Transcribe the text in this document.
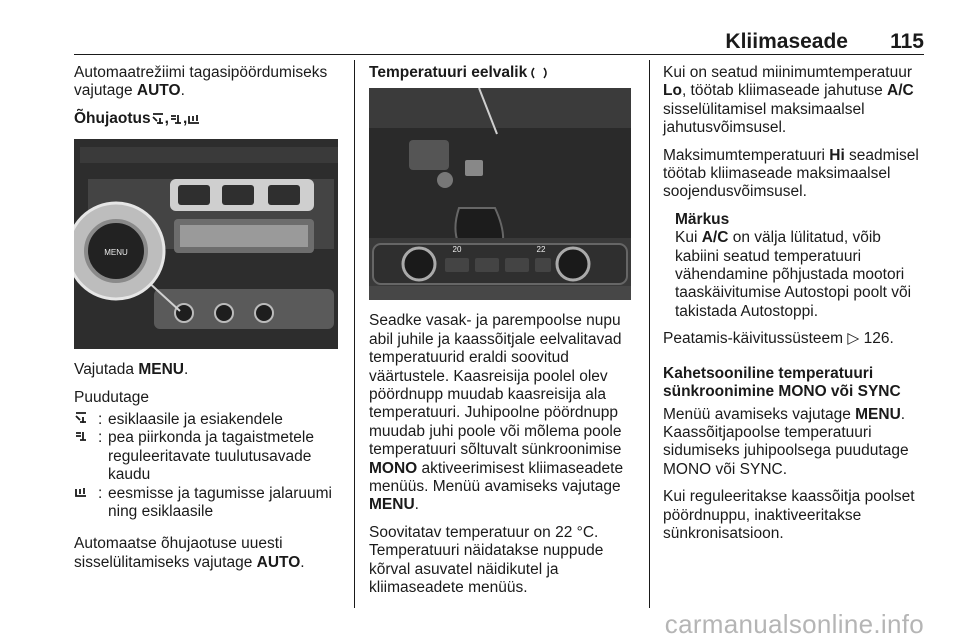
Kliimaseade 115

Automaatrežiimi tagasipöördumiseks vajutage AUTO.

Õhujaotus , ,

MENU

Vajutada MENU.

Puudutage

: esiklaasile ja esiakendele
: pea piirkonda ja tagaistmetele reguleeritavate tuulutusavade kaudu
: eesmisse ja tagumisse jalaruumi ning esiklaasile

Automaatse õhujaotuse uuesti sisselülitamiseks vajutage AUTO.

Temperatuuri eelvalik

20	22

Seadke vasak- ja parempoolse nupu abil juhile ja kaassõitjale eelvalitavad temperatuurid eraldi soovitud väärtustele. Kaasreisija poolel olev pöördnupp muudab kaasreisija ala temperatuuri. Juhipoolne pöördnupp muudab juhi poole või mõlema poole temperatuuri sõltuvalt sünkroonimise MONO aktiveerimisest kliimaseadete menüüs. Menüü avamiseks vajutage MENU.

Soovitatav temperatuur on 22 °C. Temperatuuri näidatakse nuppude kõrval asuvatel näidikutel ja kliimaseadete menüüs.

Kui on seatud miinimumtemperatuur Lo, töötab kliimaseade jahutuse A/C sisselülitamisel maksimaalsel jahutusvõimsusel.

Maksimumtemperatuuri Hi seadmisel töötab kliimaseade maksimaalsel soojendusvõimsusel.

Märkus

Kui A/C on välja lülitatud, võib kabiini seatud temperatuuri vähendamine põhjustada mootori taaskäivitumise Autostopi poolt või takistada Autostoppi.

Peatamis-käivitussüsteem ▷ 126.

Kahetsooniline temperatuuri sünkroonimine MONO või SYNC

Menüü avamiseks vajutage MENU. Kaassõitjapoolse temperatuuri sidumiseks juhipoolsega puudutage MONO või SYNC.

Kui reguleeritakse kaassõitja poolset pöördnuppu, inaktiveeritakse sünkronisatsioon.

carmanualsonline.info
